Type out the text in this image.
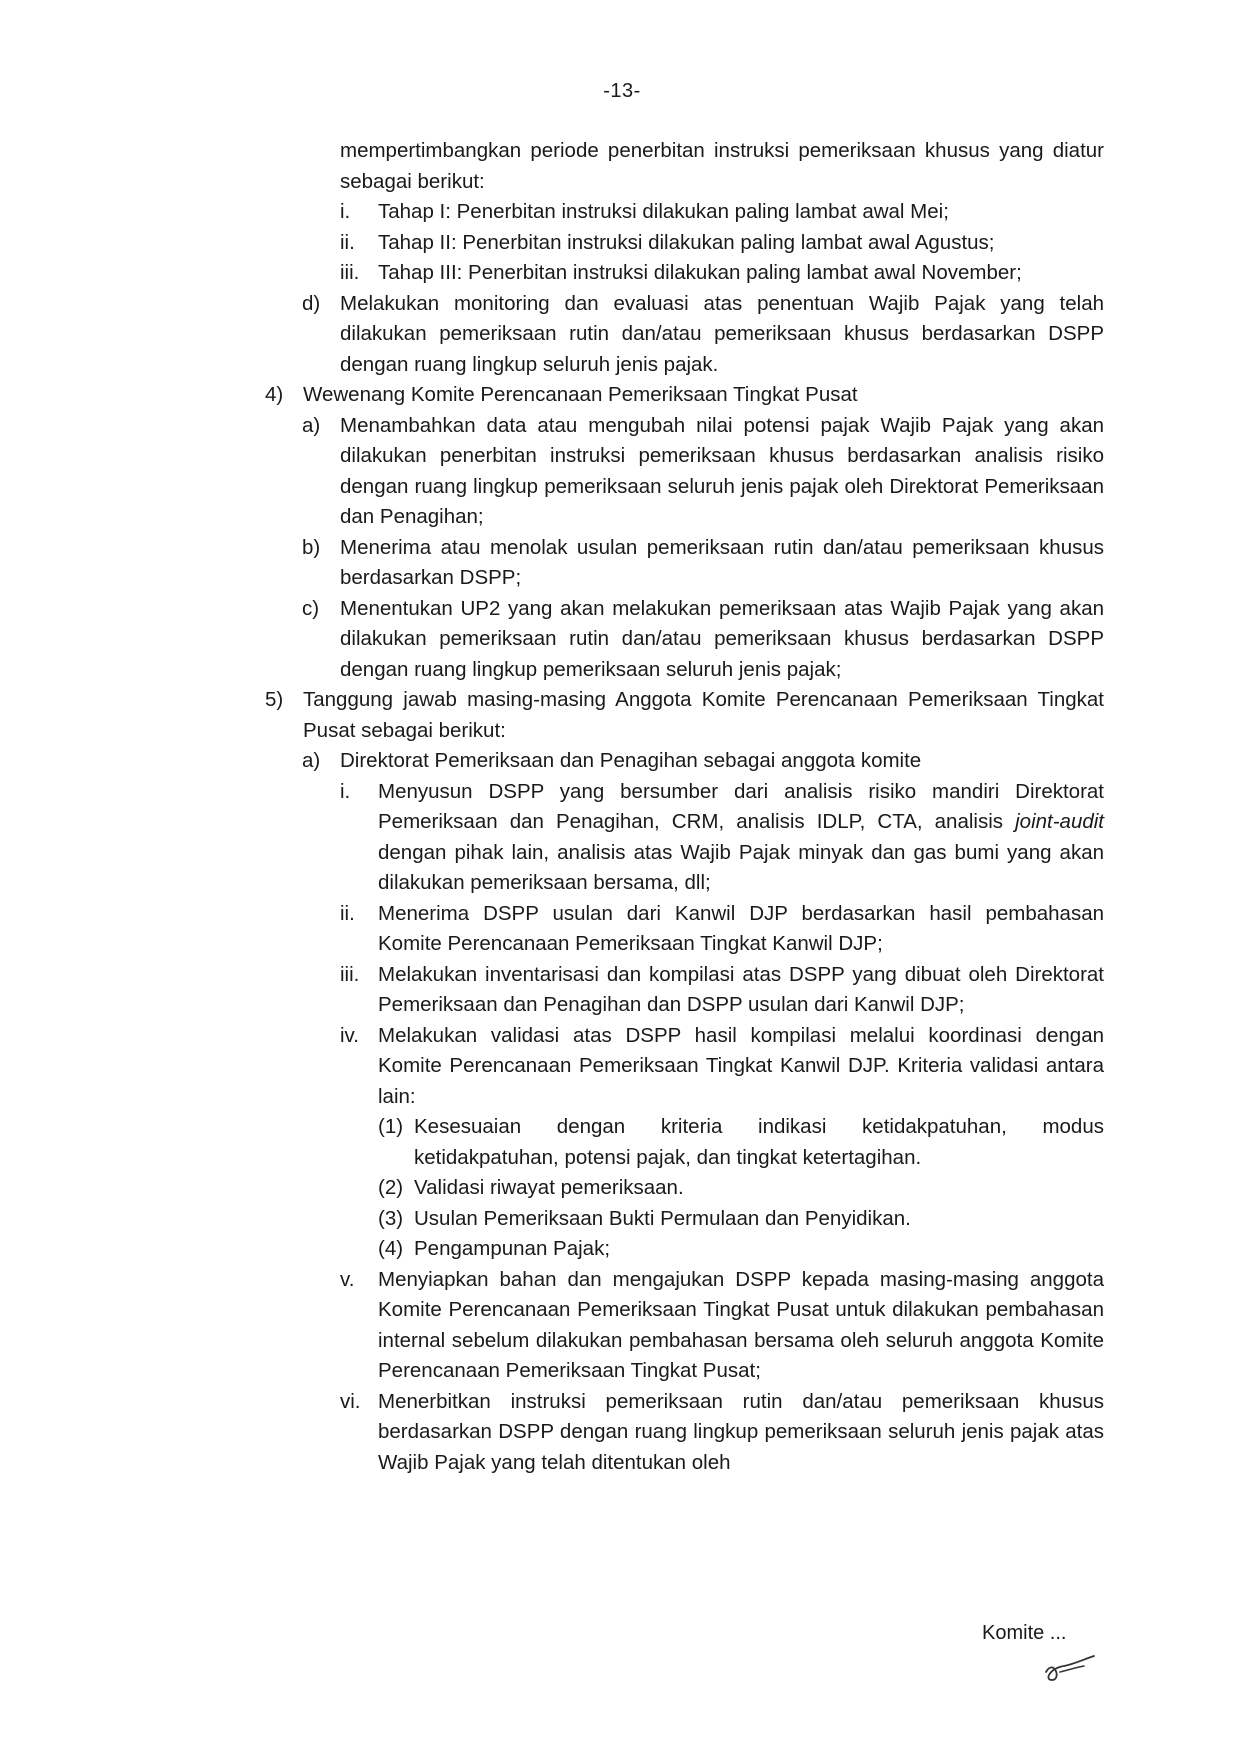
-13-
mempertimbangkan periode penerbitan instruksi pemeriksaan khusus yang diatur sebagai berikut:
i. Tahap I: Penerbitan instruksi dilakukan paling lambat awal Mei;
ii. Tahap II: Penerbitan instruksi dilakukan paling lambat awal Agustus;
iii. Tahap III: Penerbitan instruksi dilakukan paling lambat awal November;
d) Melakukan monitoring dan evaluasi atas penentuan Wajib Pajak yang telah dilakukan pemeriksaan rutin dan/atau pemeriksaan khusus berdasarkan DSPP dengan ruang lingkup seluruh jenis pajak.
4) Wewenang Komite Perencanaan Pemeriksaan Tingkat Pusat
a) Menambahkan data atau mengubah nilai potensi pajak Wajib Pajak yang akan dilakukan penerbitan instruksi pemeriksaan khusus berdasarkan analisis risiko dengan ruang lingkup pemeriksaan seluruh jenis pajak oleh Direktorat Pemeriksaan dan Penagihan;
b) Menerima atau menolak usulan pemeriksaan rutin dan/atau pemeriksaan khusus berdasarkan DSPP;
c) Menentukan UP2 yang akan melakukan pemeriksaan atas Wajib Pajak yang akan dilakukan pemeriksaan rutin dan/atau pemeriksaan khusus berdasarkan DSPP dengan ruang lingkup pemeriksaan seluruh jenis pajak;
5) Tanggung jawab masing-masing Anggota Komite Perencanaan Pemeriksaan Tingkat Pusat sebagai berikut:
a) Direktorat Pemeriksaan dan Penagihan sebagai anggota komite
i. Menyusun DSPP yang bersumber dari analisis risiko mandiri Direktorat Pemeriksaan dan Penagihan, CRM, analisis IDLP, CTA, analisis joint-audit dengan pihak lain, analisis atas Wajib Pajak minyak dan gas bumi yang akan dilakukan pemeriksaan bersama, dll;
ii. Menerima DSPP usulan dari Kanwil DJP berdasarkan hasil pembahasan Komite Perencanaan Pemeriksaan Tingkat Kanwil DJP;
iii. Melakukan inventarisasi dan kompilasi atas DSPP yang dibuat oleh Direktorat Pemeriksaan dan Penagihan dan DSPP usulan dari Kanwil DJP;
iv. Melakukan validasi atas DSPP hasil kompilasi melalui koordinasi dengan Komite Perencanaan Pemeriksaan Tingkat Kanwil DJP. Kriteria validasi antara lain:
(1) Kesesuaian dengan kriteria indikasi ketidakpatuhan, modus ketidakpatuhan, potensi pajak, dan tingkat ketertagihan.
(2) Validasi riwayat pemeriksaan.
(3) Usulan Pemeriksaan Bukti Permulaan dan Penyidikan.
(4) Pengampunan Pajak;
v. Menyiapkan bahan dan mengajukan DSPP kepada masing-masing anggota Komite Perencanaan Pemeriksaan Tingkat Pusat untuk dilakukan pembahasan internal sebelum dilakukan pembahasan bersama oleh seluruh anggota Komite Perencanaan Pemeriksaan Tingkat Pusat;
vi. Menerbitkan instruksi pemeriksaan rutin dan/atau pemeriksaan khusus berdasarkan DSPP dengan ruang lingkup pemeriksaan seluruh jenis pajak atas Wajib Pajak yang telah ditentukan oleh
Komite ...
